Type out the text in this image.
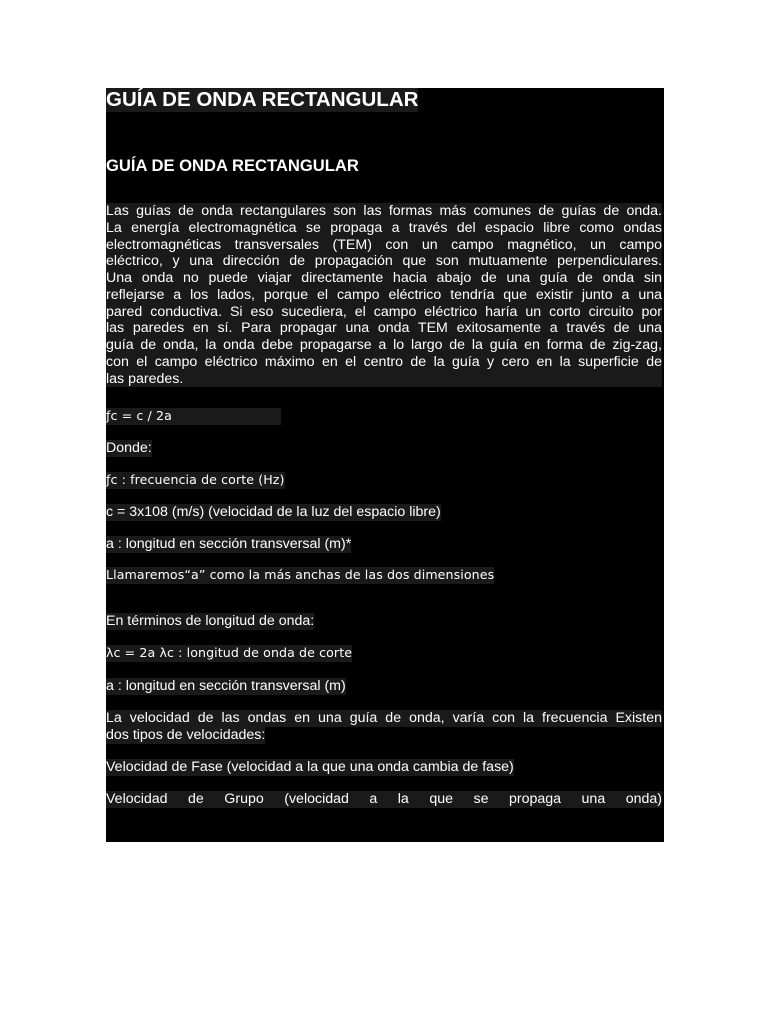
GUÍA DE ONDA RECTANGULAR
GUÍA DE ONDA RECTANGULAR
Las guías de onda rectangulares son las formas más comunes de guías de onda.
La energía electromagnética se propaga a través del espacio libre como ondas
electromagnéticas transversales (TEM) con un campo magnético, un campo
eléctrico, y una dirección de propagación que son mutuamente perpendiculares.
Una onda no puede viajar directamente hacia abajo de una guía de onda sin
reflejarse a los lados, porque el campo eléctrico tendría que existir junto a una
pared conductiva. Si eso sucediera, el campo eléctrico haría un corto circuito por
las paredes en sí. Para propagar una onda TEM exitosamente a través de una
guía de onda, la onda debe propagarse a lo largo de la guía en forma de zig-zag,
con el campo eléctrico máximo en el centro de la guía y cero en la superficie de
las paredes.
ƒc = c / 2a
Donde:
ƒc : frecuencia de corte (Hz)
c = 3x108 (m/s) (velocidad de la luz del espacio libre)
a : longitud en sección transversal (m)*
Llamaremos“a” como la más anchas de las dos dimensiones
En términos de longitud de onda:
λc = 2a λc : longitud de onda de corte
a : longitud en sección transversal (m)
La velocidad de las ondas en una guía de onda, varía con la frecuencia Existen
dos tipos de velocidades:
Velocidad de Fase (velocidad a la que una onda cambia de fase)
Velocidad de Grupo (velocidad a la que se propaga una onda)
